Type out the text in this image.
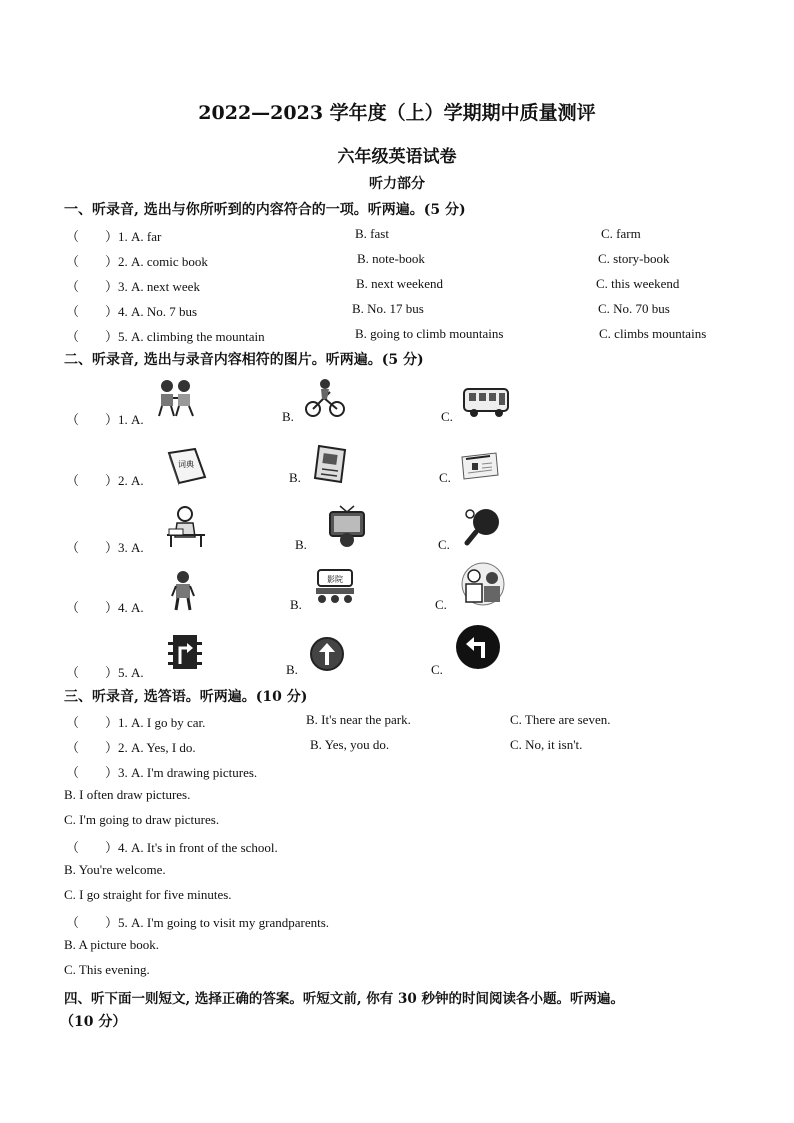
2022—2023 学年度（上）学期期中质量测评
六年级英语试卷
听力部分
一、听录音, 选出与你所听到的内容符合的一项。听两遍。(5 分)
（　　）1. A. far	B. fast	C. farm
（　　）2. A. comic book	B. note-book	C. story-book
（　　）3. A. next week	B. next weekend	C. this weekend
（　　）4. A. No. 7 bus	B. No. 17 bus	C. No. 70 bus
（　　）5. A. climbing the mountain	B. going to climb mountains	C. climbs mountains
二、听录音, 选出与录音内容相符的图片。听两遍。(5 分)
（　　）1. A.	B.	C.
（　　）2. A.	B.	C.
词典
（　　）3. A.	B.	C.
（　　）4. A.	B.	C.
影院
（　　）5. A.	B.	C.
三、听录音, 选答语。听两遍。(10 分)
（　　）1. A. I go by car.	B. It's near the park.	C. There are seven.
（　　）2. A. Yes, I do.	B. Yes, you do.	C. No, it isn't.
（　　）3. A. I'm drawing pictures.
B. I often draw pictures.
C. I'm going to draw pictures.
（　　）4. A. It's in front of the school.
B. You're welcome.
C. I go straight for five minutes.
（　　）5. A. I'm going to visit my grandparents.
B. A picture book.
C. This evening.
四、听下面一则短文, 选择正确的答案。听短文前, 你有 30 秒钟的时间阅读各小题。听两遍。
（10 分）
